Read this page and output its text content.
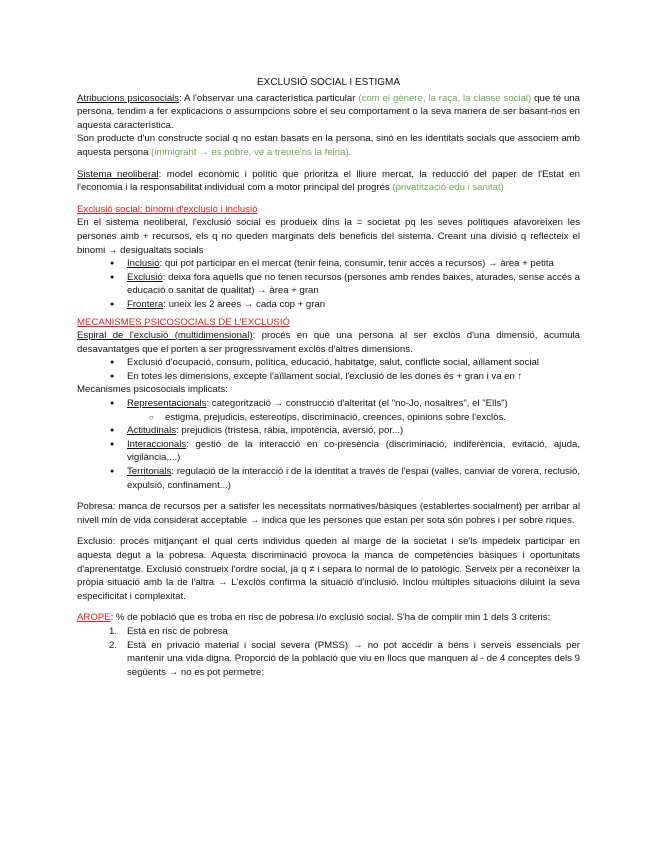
EXCLUSIÓ SOCIAL I ESTIGMA

Atribucions psicosocials: A l'observar una característica particular (com el gènere, la raça, la classe social) que té una persona, tendim a fer explicacions o assumpcions sobre el seu comportament o la seva manera de ser basant-nos en aquesta característica.

Son producte d'un constructe social q no estan basats en la persona, sinó en les identitats socials que associem amb aquesta persona (immigrant → es pobre, ve a treure'ns la feina).

Sistema neoliberal: model econòmic i polític que prioritza el lliure mercat, la reducció del paper de l'Estat en l'economia i la responsabilitat individual com a motor principal del progrés (privatització edu i sanitat)

Exclusió social: binomi d'exclusió i inclusió

En el sistema neoliberal, l'exclusió social es produeix dins la = societat pq les seves polítiques afavoreixen les persones amb + recursos, els q no queden marginats dels beneficis del sistema. Creant una divisió q reflecteix el binomi → desigualtats socials

● Inclusió: qui pot participar en el mercat (tenir feina, consumir, tenir accés a recursos) → àrea + petita
● Exclusió: deixa fora aquells que no tenen recursos (persones amb rendes baixes, aturades, sense accés a educació o sanitat de qualitat) → àrea + gran
● Frontera: uneix les 2 àrees → cada cop + gran

MECANISMES PSICOSOCIALS DE L'EXCLUSIÓ

Espiral de l'exclusió (multidimensional): procés en què una persona al ser exclòs d'una dimensió, acumula desavantatges que el porten a ser progressivament exclòs d'altres dimensions.

● Exclusió d'ocupació, consum, política, educació, habitatge, salut, conflicte social, aïllament social
● En totes les dimensions, excepte l'aïllament social, l'exclusió de les dones és + gran i va en ↑

Mecanismes psicosocials implicats:

● Representacionals: categorització → construcció d'alteritat (el "no-Jo, nosaltres", el "Ells")
○ estigma, prejudicis, estereotips, discriminació, creences, opinions sobre l'exclòs.
● Actitudinals: prejudicis (tristesa, ràbia, impotència, aversió, por...)
● Interaccionals: gestió de la interacció en co-presència (discriminació, indiferència, evitació, ajuda, vigilància,...)
● Territorials: regulació de la interacció i de la identitat a través de l'espai (valles, canviar de vorera, reclusió, expulsió, confinament...)

Pobresa: manca de recursos per a satisfer les necessitats normatives/bàsiques (establertes socialment) per arribar al nivell mín de vida considerat acceptable → indica que les persones que estan per sota són pobres i per sobre riques.

Exclusió: procés mitjançant el qual certs individus queden al marge de la societat i se'ls impedeix participar en aquesta degut a la pobresa. Aquesta discriminació provoca la manca de competències bàsiques i oportunitats d'aprenentatge. Exclusió construeix l'ordre social, ja q ≠ i separa lo normal de lo patològic. Serveix per a reconèixer la pròpia situació amb la de l'altra → L'exclòs confirma la situació d'inclusió. Inclou múltiples situacions diluint la seva especificitat i complexitat.

AROPE: % de població que es troba en risc de pobresa i/o exclusió social. S'ha de complir min 1 dels 3 criteris:

1. Està en risc de pobresa
2. Està en privació material i social severa (PMSS) → no pot accedir a béns i serveis essencials per mantenir una vida digna. Proporció de la població que viu en llocs que manquen al - de 4 conceptes dels 9 següents → no es pot permetre:
